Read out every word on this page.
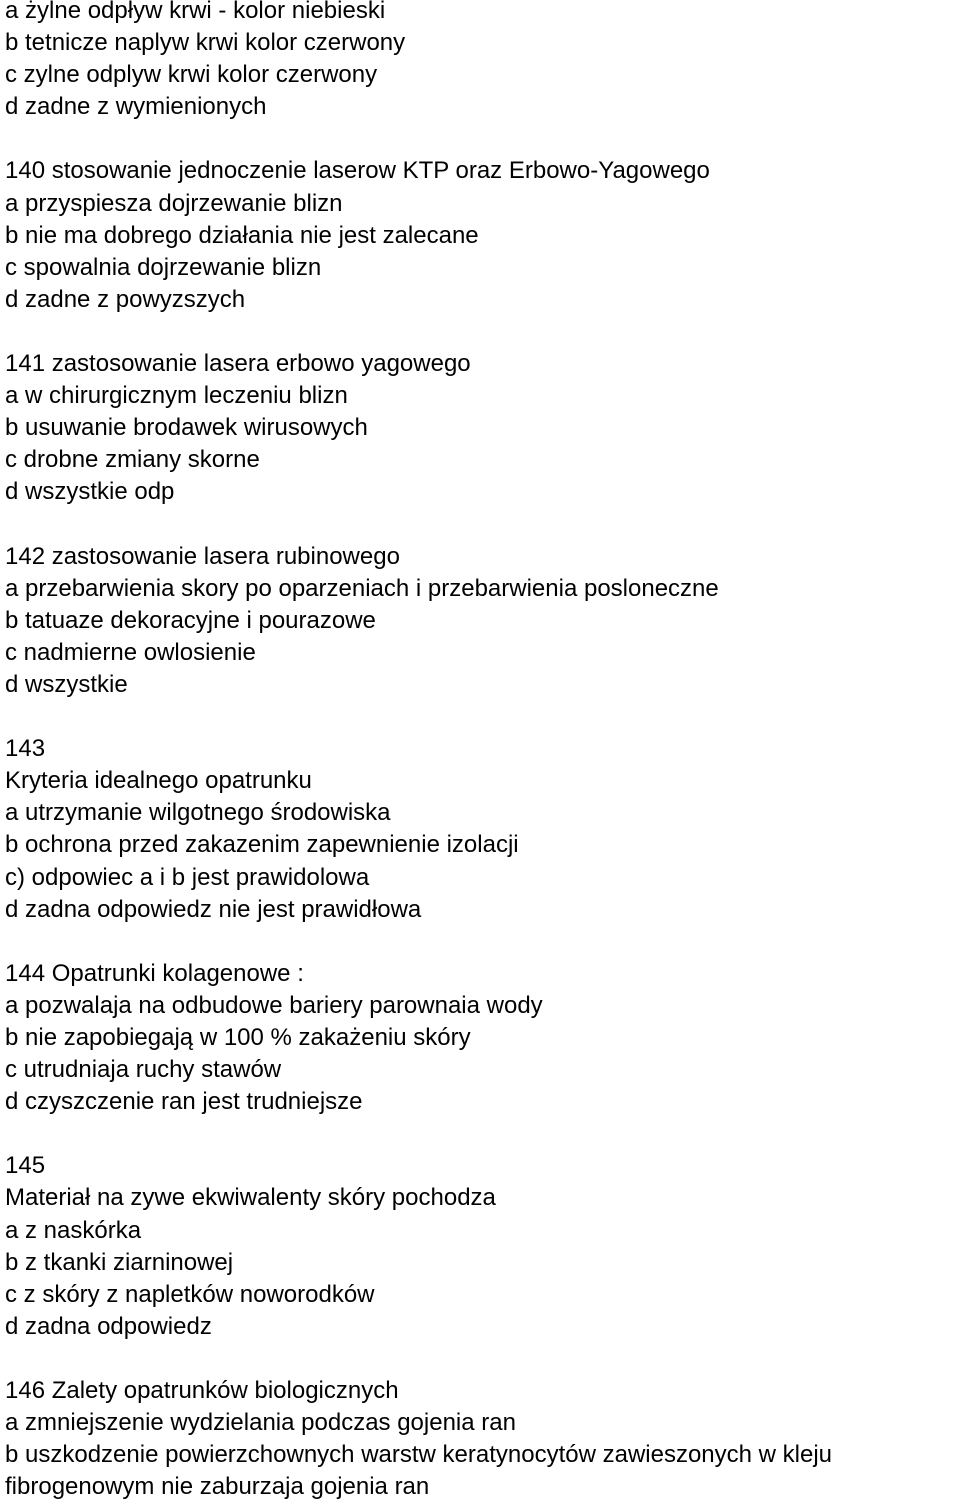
a żylne odpływ krwi - kolor niebieski
b tetnicze naplyw krwi kolor czerwony
c zylne odplyw krwi kolor czerwony
d zadne z wymienionych
140 stosowanie jednoczenie laserow KTP oraz Erbowo-Yagowego
a przyspiesza dojrzewanie blizn
b nie ma dobrego działania nie jest zalecane
c spowalnia dojrzewanie blizn
d zadne z powyzszych
141 zastosowanie lasera erbowo yagowego
a w chirurgicznym leczeniu blizn
b usuwanie brodawek wirusowych
c drobne zmiany skorne
d wszystkie odp
142 zastosowanie lasera rubinowego
a przebarwienia skory po oparzeniach i przebarwienia posloneczne
b tatuaze dekoracyjne i pourazowe
c nadmierne owlosienie
d wszystkie
143
Kryteria idealnego opatrunku
a utrzymanie wilgotnego środowiska
b ochrona przed zakazenim zapewnienie izolacji
c) odpowiec a i b jest prawidolowa
d zadna odpowiedz nie jest prawidłowa
144 Opatrunki kolagenowe :
a pozwalaja na odbudowe bariery parownaia wody
b nie zapobiegają w 100 % zakażeniu skóry
c utrudniaja ruchy stawów
d czyszczenie ran jest trudniejsze
145
Materiał na zywe ekwiwalenty skóry pochodza
a z naskórka
b z tkanki ziarninowej
c z skóry z napletków noworodków
d zadna odpowiedz
146 Zalety opatrunków biologicznych
a zmniejszenie wydzielania podczas gojenia ran
b uszkodzenie powierzchownych warstw keratynocytów zawieszonych w kleju
fibrogenowym nie zaburzaja gojenia ran
